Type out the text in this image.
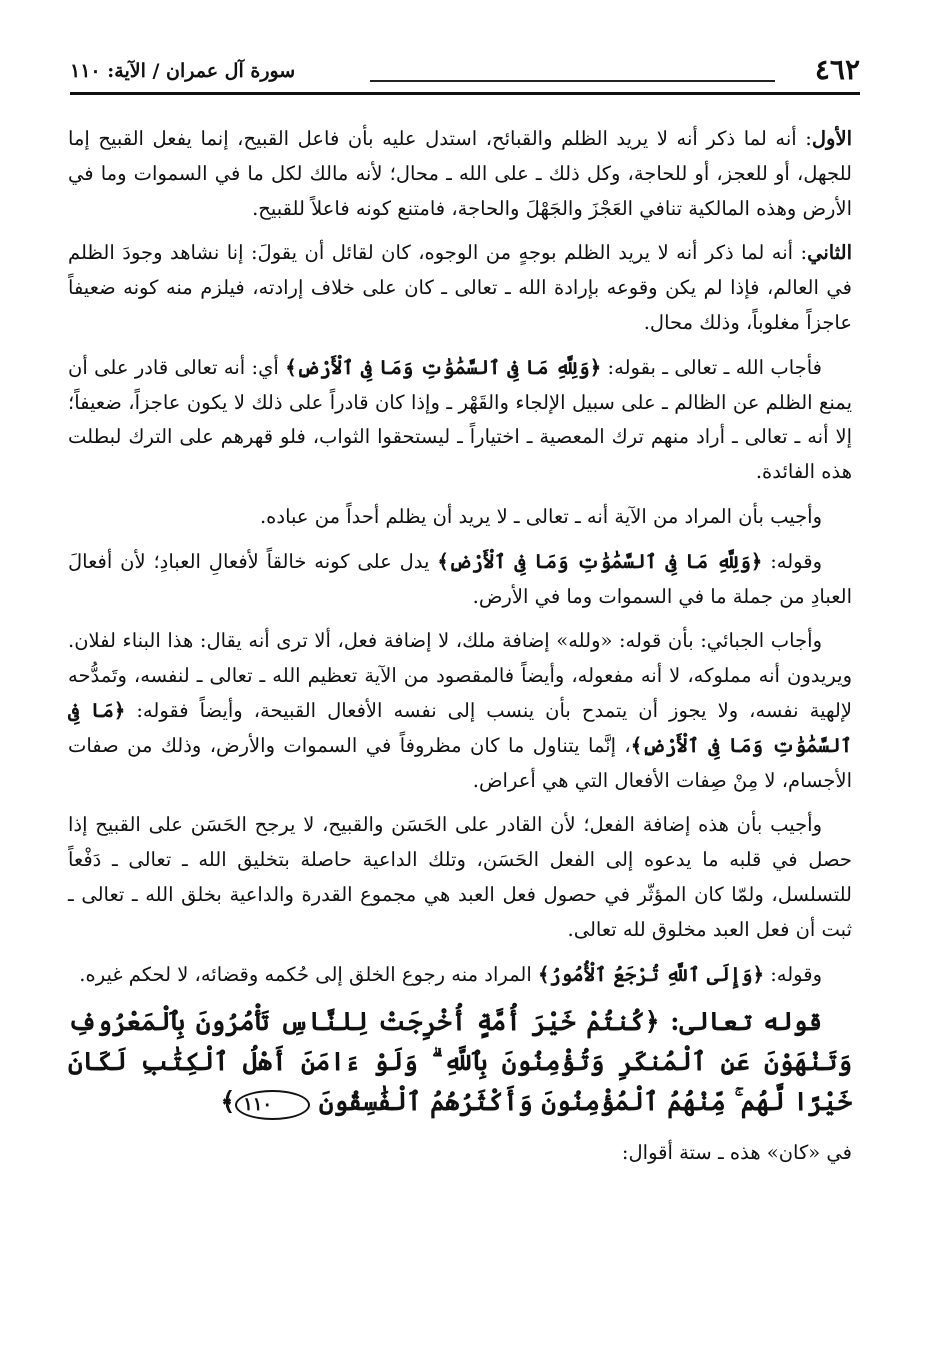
٤٦٢
سورة آل عمران / الآية: ١١٠

الأول: أنه لما ذكر أنه لا يريد الظلم والقبائح، استدل عليه بأن فاعل القبيح، إنما يفعل القبيح إما للجهل، أو للعجز، أو للحاجة، وكل ذلك ـ على الله ـ محال؛ لأنه مالك لكل ما في السموات وما في الأرض وهذه المالكية تنافي العَجْزَ والجَهْلَ والحاجة، فامتنع كونه فاعلاً للقبيح.

الثاني: أنه لما ذكر أنه لا يريد الظلم بوجهٍ من الوجوه، كان لقائل أن يقولَ: إنا نشاهد وجودَ الظلم في العالم، فإذا لم يكن وقوعه بإرادة الله ـ تعالى ـ كان على خلاف إرادته، فيلزم منه كونه ضعيفاً عاجزاً مغلوباً، وذلك محال.

فأجاب الله ـ تعالى ـ بقوله: ﴿وَلِلَّهِ مَا فِى ٱلسَّمَٰوَٰتِ وَمَا فِى ٱلْأَرْضِ﴾ أي: أنه تعالى قادر على أن يمنع الظلم عن الظالم ـ على سبيل الإلجاء والقَهْر ـ وإذا كان قادراً على ذلك لا يكون عاجزاً، ضعيفاً؛ إلا أنه ـ تعالى ـ أراد منهم ترك المعصية ـ اختياراً ـ ليستحقوا الثواب، فلو قهرهم على الترك لبطلت هذه الفائدة.

وأجيب بأن المراد من الآية أنه ـ تعالى ـ لا يريد أن يظلم أحداً من عباده.

وقوله: ﴿وَلِلَّهِ مَا فِى ٱلسَّمَٰوَٰتِ وَمَا فِى ٱلْأَرْضِ﴾ يدل على كونه خالقاً لأفعالِ العبادِ؛ لأن أفعالَ العبادِ من جملة ما في السموات وما في الأرض.

وأجاب الجبائي: بأن قوله: «ولله» إضافة ملك، لا إضافة فعل، ألا ترى أنه يقال: هذا البناء لفلان. ويريدون أنه مملوكه، لا أنه مفعوله، وأيضاً فالمقصود من الآية تعظيم الله ـ تعالى ـ لنفسه، وتَمدُّحه لإلهية نفسه، ولا يجوز أن يتمدح بأن ينسب إلى نفسه الأفعال القبيحة، وأيضاً فقوله: ﴿مَا فِى ٱلسَّمَٰوَٰتِ وَمَا فِى ٱلْأَرْضِ﴾، إنَّما يتناول ما كان مظروفاً في السموات والأرض، وذلك من صفات الأجسام، لا مِنْ صِفات الأفعال التي هي أعراض.

وأجيب بأن هذه إضافة الفعل؛ لأن القادر على الحَسَن والقبيح، لا يرجح الحَسَن على القبيح إذا حصل في قلبه ما يدعوه إلى الفعل الحَسَن، وتلك الداعية حاصلة بتخليق الله ـ تعالى ـ دَفْعاً للتسلسل، ولمّا كان المؤثّر في حصول فعل العبد هي مجموع القدرة والداعية بخلق الله ـ تعالى ـ ثبت أن فعل العبد مخلوق لله تعالى.

وقوله: ﴿وَإِلَى ٱللَّهِ تُرْجَعُ ٱلْأُمُورُ﴾ المراد منه رجوع الخلق إلى حُكمه وقضائه، لا لحكم غيره.

قوله تعالى: ﴿كُنتُمْ خَيْرَ أُمَّةٍ أُخْرِجَتْ لِلنَّاسِ تَأْمُرُونَ بِٱلْمَعْرُوفِ وَتَنْهَوْنَ عَنِ ٱلْمُنكَرِ وَتُؤْمِنُونَ بِٱللَّهِ ۗ وَلَوْ ءَامَنَ أَهْلُ ٱلْكِتَٰبِ لَكَانَ خَيْرًا لَّهُم ۚ مِّنْهُمُ ٱلْمُؤْمِنُونَ وَأَكْثَرُهُمُ ٱلْفَٰسِقُونَ ١١٠﴾

في «كان» هذه ـ ستة أقوال:
